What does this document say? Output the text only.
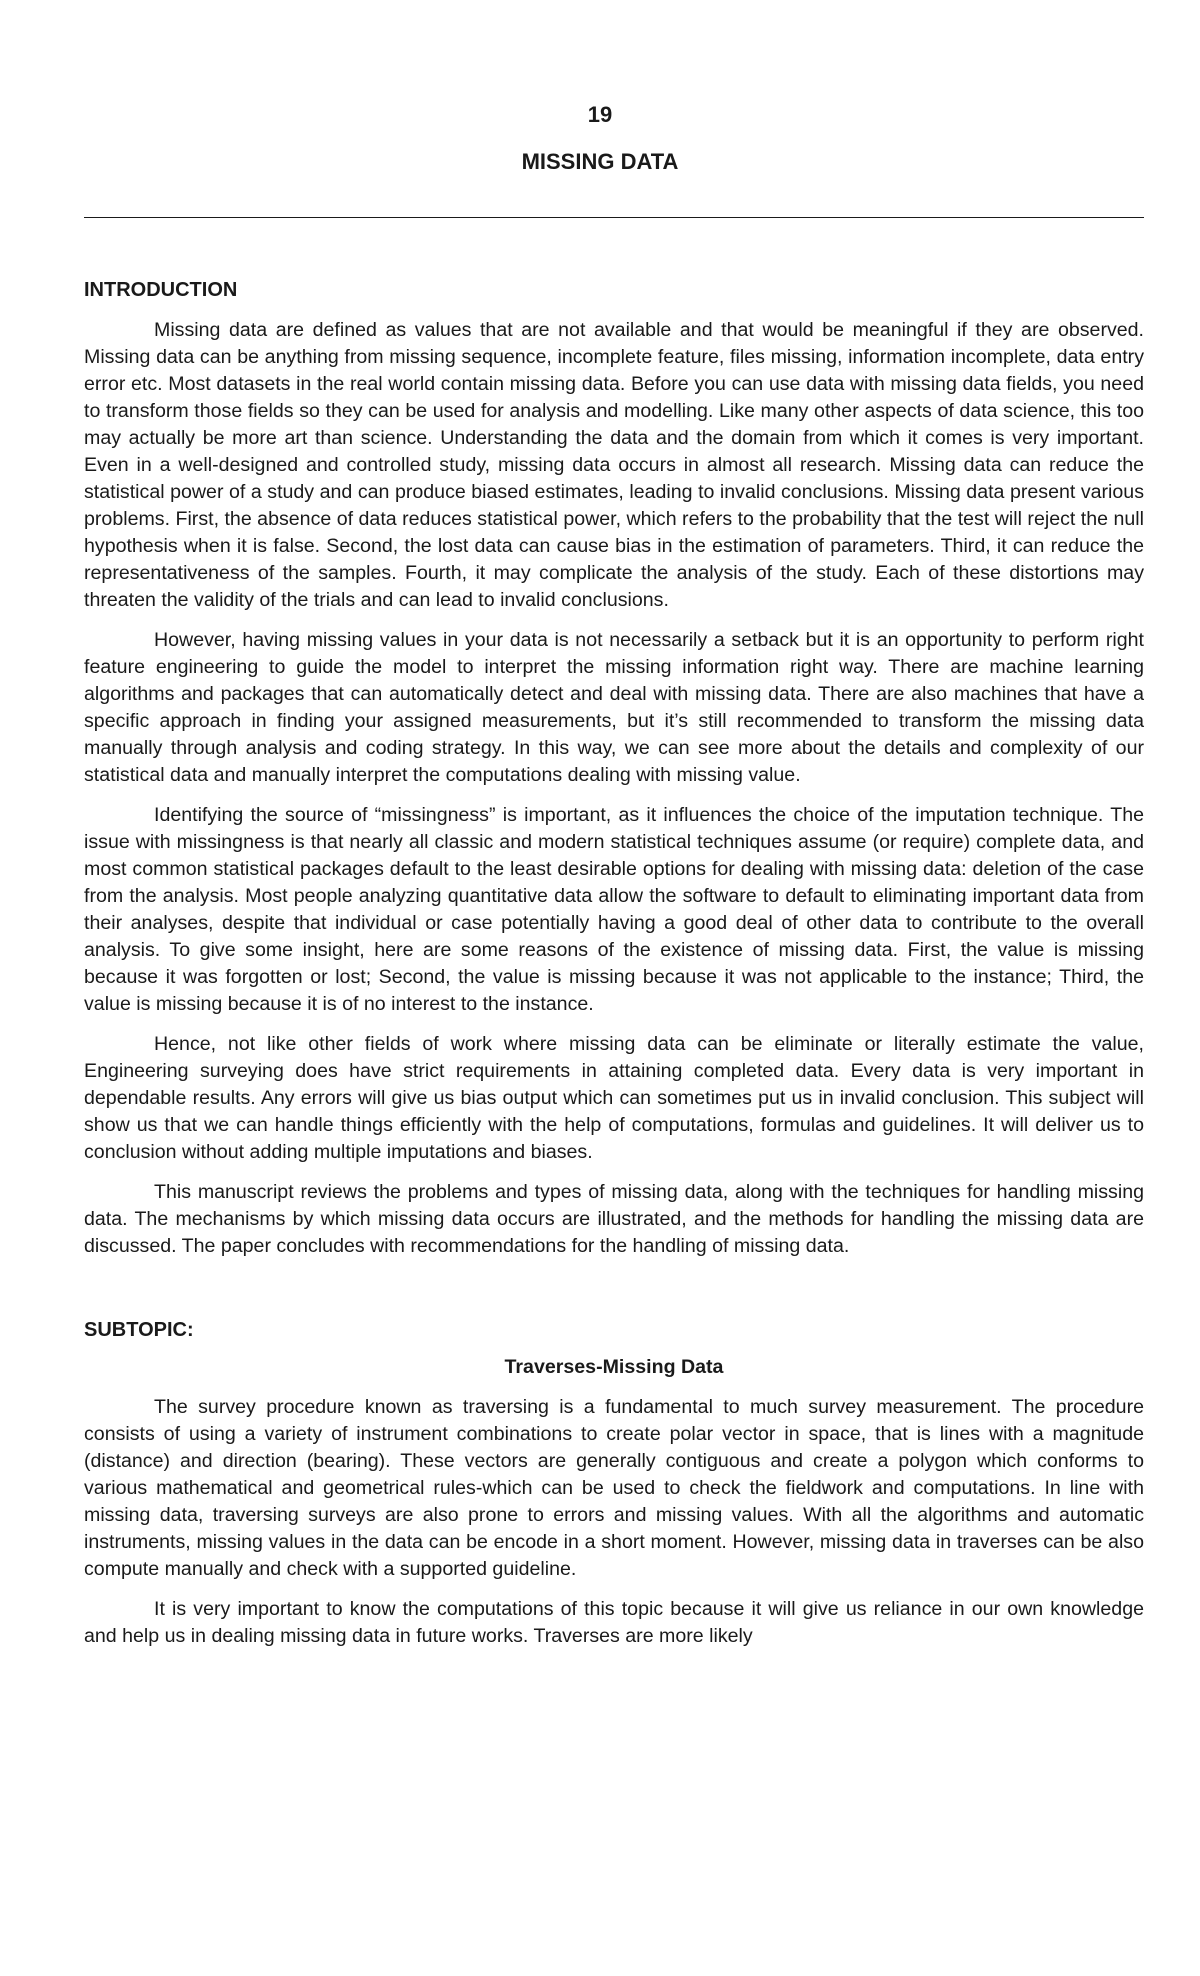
19
MISSING DATA

INTRODUCTION

Missing data are defined as values that are not available and that would be meaningful if they are observed. Missing data can be anything from missing sequence, incomplete feature, files missing, information incomplete, data entry error etc. Most datasets in the real world contain missing data. Before you can use data with missing data fields, you need to transform those fields so they can be used for analysis and modelling. Like many other aspects of data science, this too may actually be more art than science. Understanding the data and the domain from which it comes is very important. Even in a well-designed and controlled study, missing data occurs in almost all research. Missing data can reduce the statistical power of a study and can produce biased estimates, leading to invalid conclusions. Missing data present various problems. First, the absence of data reduces statistical power, which refers to the probability that the test will reject the null hypothesis when it is false. Second, the lost data can cause bias in the estimation of parameters. Third, it can reduce the representativeness of the samples. Fourth, it may complicate the analysis of the study. Each of these distortions may threaten the validity of the trials and can lead to invalid conclusions.

However, having missing values in your data is not necessarily a setback but it is an opportunity to perform right feature engineering to guide the model to interpret the missing information right way. There are machine learning algorithms and packages that can automatically detect and deal with missing data. There are also machines that have a specific approach in finding your assigned measurements, but it’s still recommended to transform the missing data manually through analysis and coding strategy. In this way, we can see more about the details and complexity of our statistical data and manually interpret the computations dealing with missing value.

Identifying the source of “missingness” is important, as it influences the choice of the imputation technique. The issue with missingness is that nearly all classic and modern statistical techniques assume (or require) complete data, and most common statistical packages default to the least desirable options for dealing with missing data: deletion of the case from the analysis. Most people analyzing quantitative data allow the software to default to eliminating important data from their analyses, despite that individual or case potentially having a good deal of other data to contribute to the overall analysis. To give some insight, here are some reasons of the existence of missing data. First, the value is missing because it was forgotten or lost; Second, the value is missing because it was not applicable to the instance; Third, the value is missing because it is of no interest to the instance.

Hence, not like other fields of work where missing data can be eliminate or literally estimate the value, Engineering surveying does have strict requirements in attaining completed data. Every data is very important in dependable results. Any errors will give us bias output which can sometimes put us in invalid conclusion. This subject will show us that we can handle things efficiently with the help of computations, formulas and guidelines. It will deliver us to conclusion without adding multiple imputations and biases.

This manuscript reviews the problems and types of missing data, along with the techniques for handling missing data. The mechanisms by which missing data occurs are illustrated, and the methods for handling the missing data are discussed. The paper concludes with recommendations for the handling of missing data.

SUBTOPIC:

Traverses-Missing Data

The survey procedure known as traversing is a fundamental to much survey measurement. The procedure consists of using a variety of instrument combinations to create polar vector in space, that is lines with a magnitude (distance) and direction (bearing). These vectors are generally contiguous and create a polygon which conforms to various mathematical and geometrical rules-which can be used to check the fieldwork and computations. In line with missing data, traversing surveys are also prone to errors and missing values. With all the algorithms and automatic instruments, missing values in the data can be encode in a short moment. However, missing data in traverses can be also compute manually and check with a supported guideline.

It is very important to know the computations of this topic because it will give us reliance in our own knowledge and help us in dealing missing data in future works. Traverses are more likely
